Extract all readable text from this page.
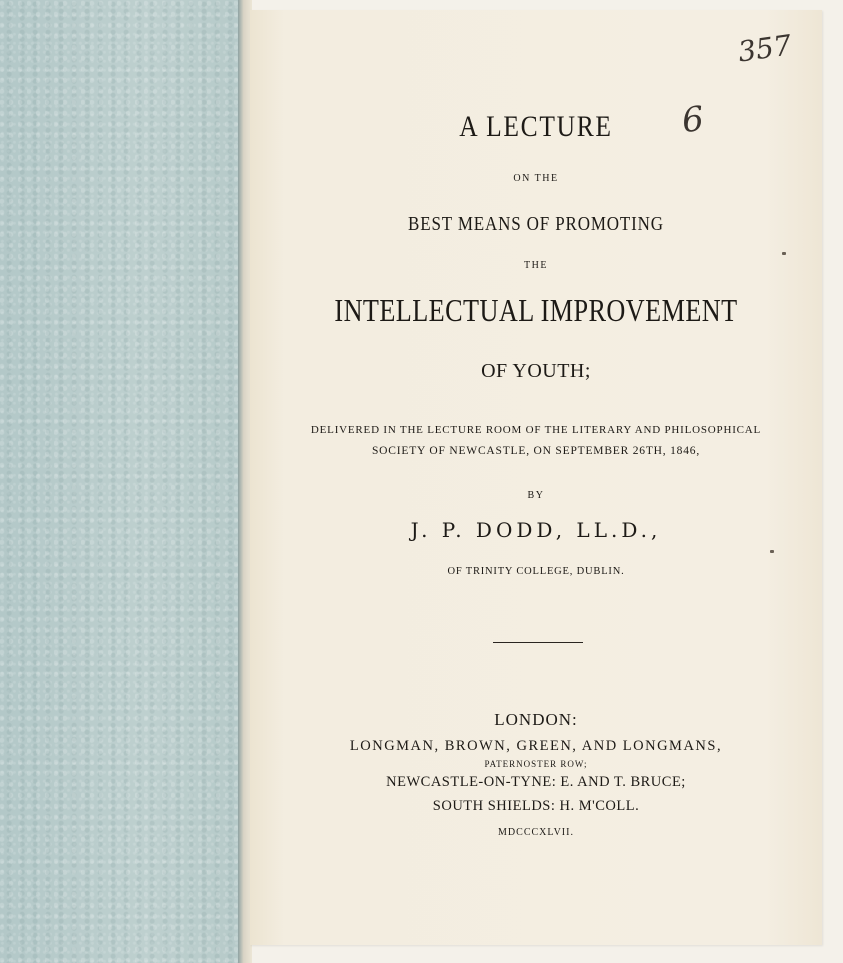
357
6
A LECTURE
ON THE
BEST MEANS OF PROMOTING
THE
INTELLECTUAL IMPROVEMENT
OF YOUTH;
DELIVERED IN THE LECTURE ROOM OF THE LITERARY AND PHILOSOPHICAL
SOCIETY OF NEWCASTLE, ON SEPTEMBER 26TH, 1846,
BY
J. P. DODD, LL.D.,
OF TRINITY COLLEGE, DUBLIN.
LONDON:
LONGMAN, BROWN, GREEN, AND LONGMANS,
PATERNOSTER ROW;
NEWCASTLE-ON-TYNE: E. AND T. BRUCE;
SOUTH SHIELDS: H. M'COLL.
MDCCCXLVII.
